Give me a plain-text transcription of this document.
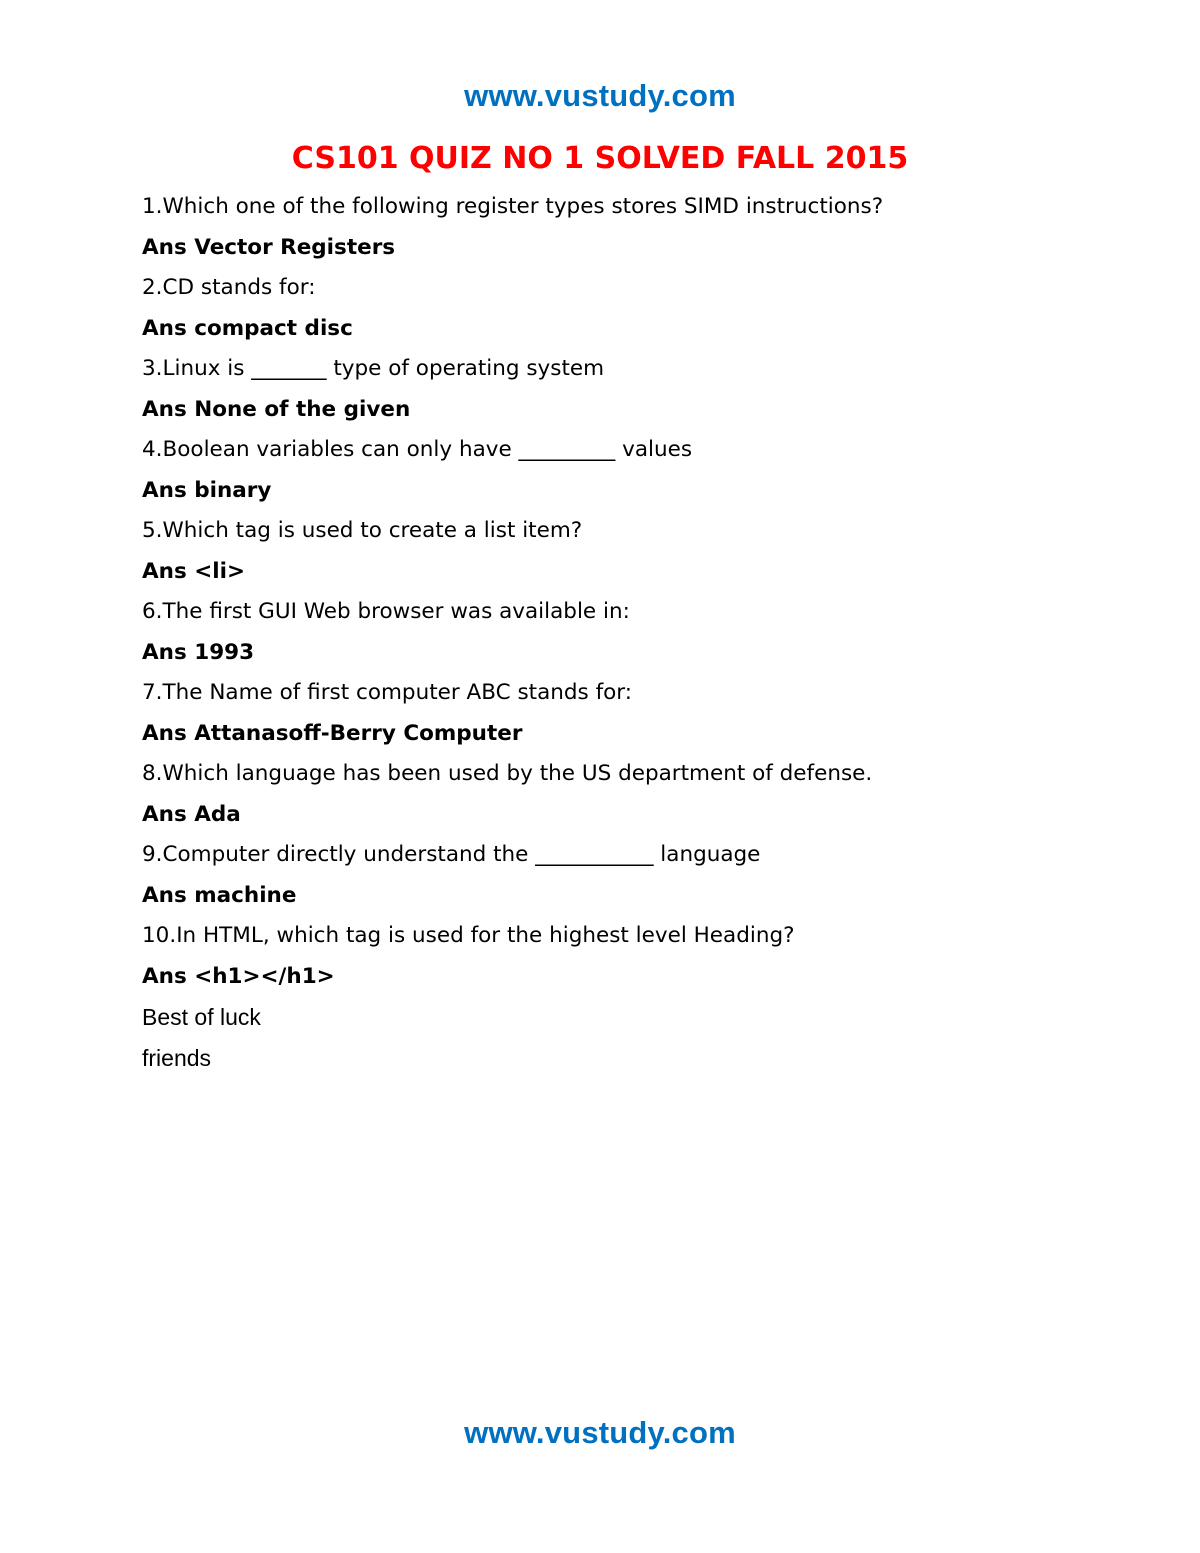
www.vustudy.com
CS101 QUIZ NO 1 SOLVED FALL 2015
1.Which one of the following register types stores SIMD instructions?
Ans Vector Registers
2.CD stands for:
Ans compact disc
3.Linux is _______ type of operating system
Ans None of the given
4.Boolean variables can only have _________ values
Ans binary
5.Which tag is used to create a list item?
Ans <li>
6.The first GUI Web browser was available in:
Ans 1993
7.The Name of first computer ABC stands for:
Ans Attanasoff-Berry Computer
8.Which language has been used by the US department of defense.
Ans Ada
9.Computer directly understand the ___________ language
Ans machine
10.In HTML, which tag is used for the highest level Heading?
Ans <h1></h1>
Best of luck
friends
www.vustudy.com
